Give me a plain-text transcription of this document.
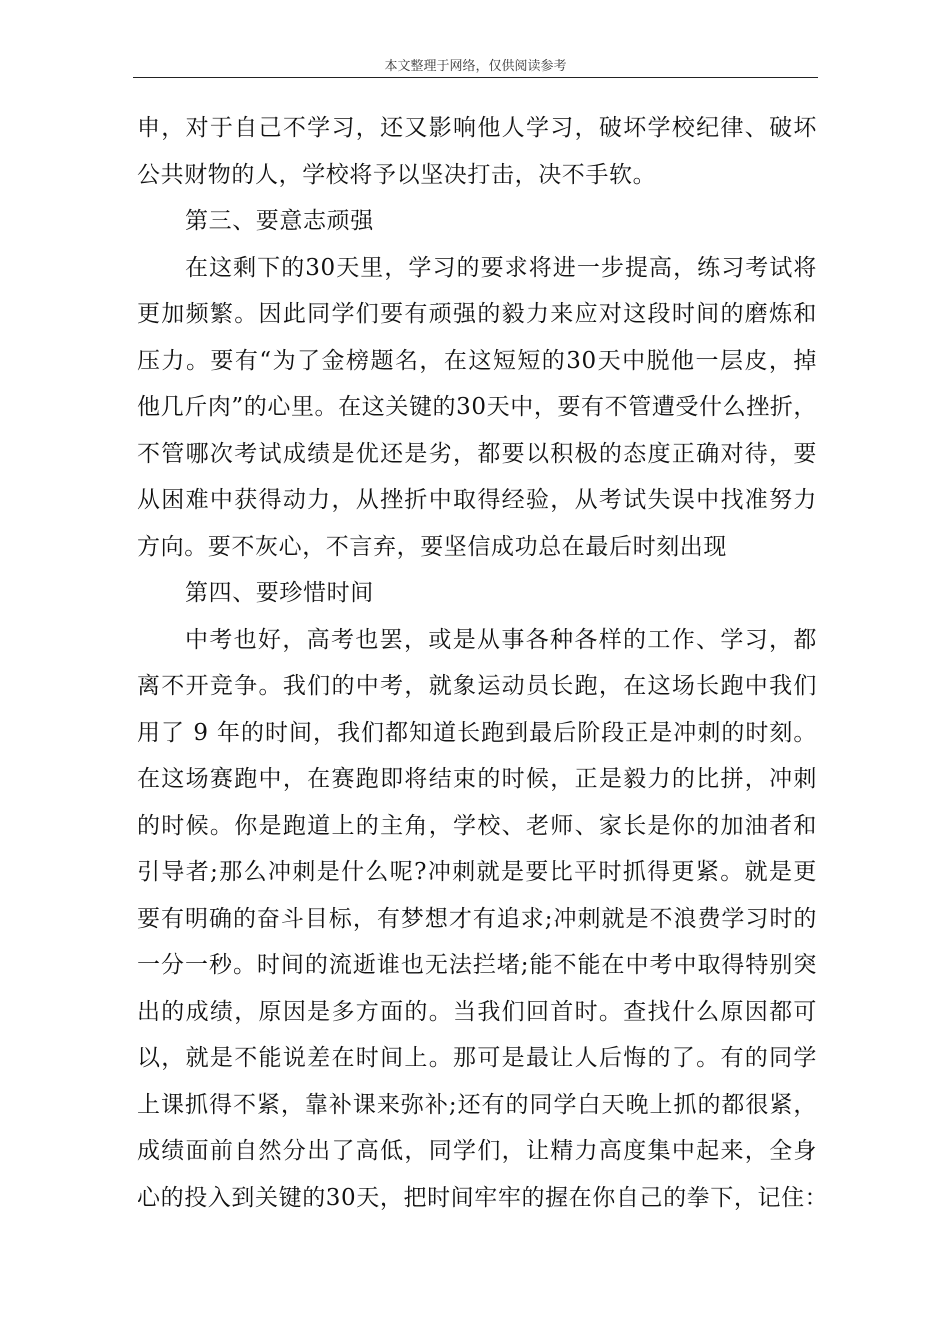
本文整理于网络，仅供阅读参考
申，对于自己不学习，还又影响他人学习，破坏学校纪律、破坏
公共财物的人，学校将予以坚决打击，决不手软。
第三、要意志顽强
在这剩下的30天里，学习的要求将进一步提高，练习考试将
更加频繁。因此同学们要有顽强的毅力来应对这段时间的磨炼和
压力。要有“为了金榜题名，在这短短的30天中脱他一层皮，掉
他几斤肉”的心里。在这关键的30天中，要有不管遭受什么挫折，
不管哪次考试成绩是优还是劣，都要以积极的态度正确对待，要
从困难中获得动力，从挫折中取得经验，从考试失误中找准努力
方向。要不灰心，不言弃，要坚信成功总在最后时刻出现
第四、要珍惜时间
中考也好，高考也罢，或是从事各种各样的工作、学习，都
离不开竞争。我们的中考，就象运动员长跑，在这场长跑中我们
用了 9 年的时间，我们都知道长跑到最后阶段正是冲刺的时刻。
在这场赛跑中，在赛跑即将结束的时候，正是毅力的比拼，冲刺
的时候。你是跑道上的主角，学校、老师、家长是你的加油者和
引导者;那么冲刺是什么呢?冲刺就是要比平时抓得更紧。就是更
要有明确的奋斗目标，有梦想才有追求;冲刺就是不浪费学习时的
一分一秒。时间的流逝谁也无法拦堵;能不能在中考中取得特别突
出的成绩，原因是多方面的。当我们回首时。查找什么原因都可
以，就是不能说差在时间上。那可是最让人后悔的了。有的同学
上课抓得不紧，靠补课来弥补;还有的同学白天晚上抓的都很紧，
成绩面前自然分出了高低，同学们，让精力高度集中起来，全身
心的投入到关键的30天，把时间牢牢的握在你自己的拳下，记住：
